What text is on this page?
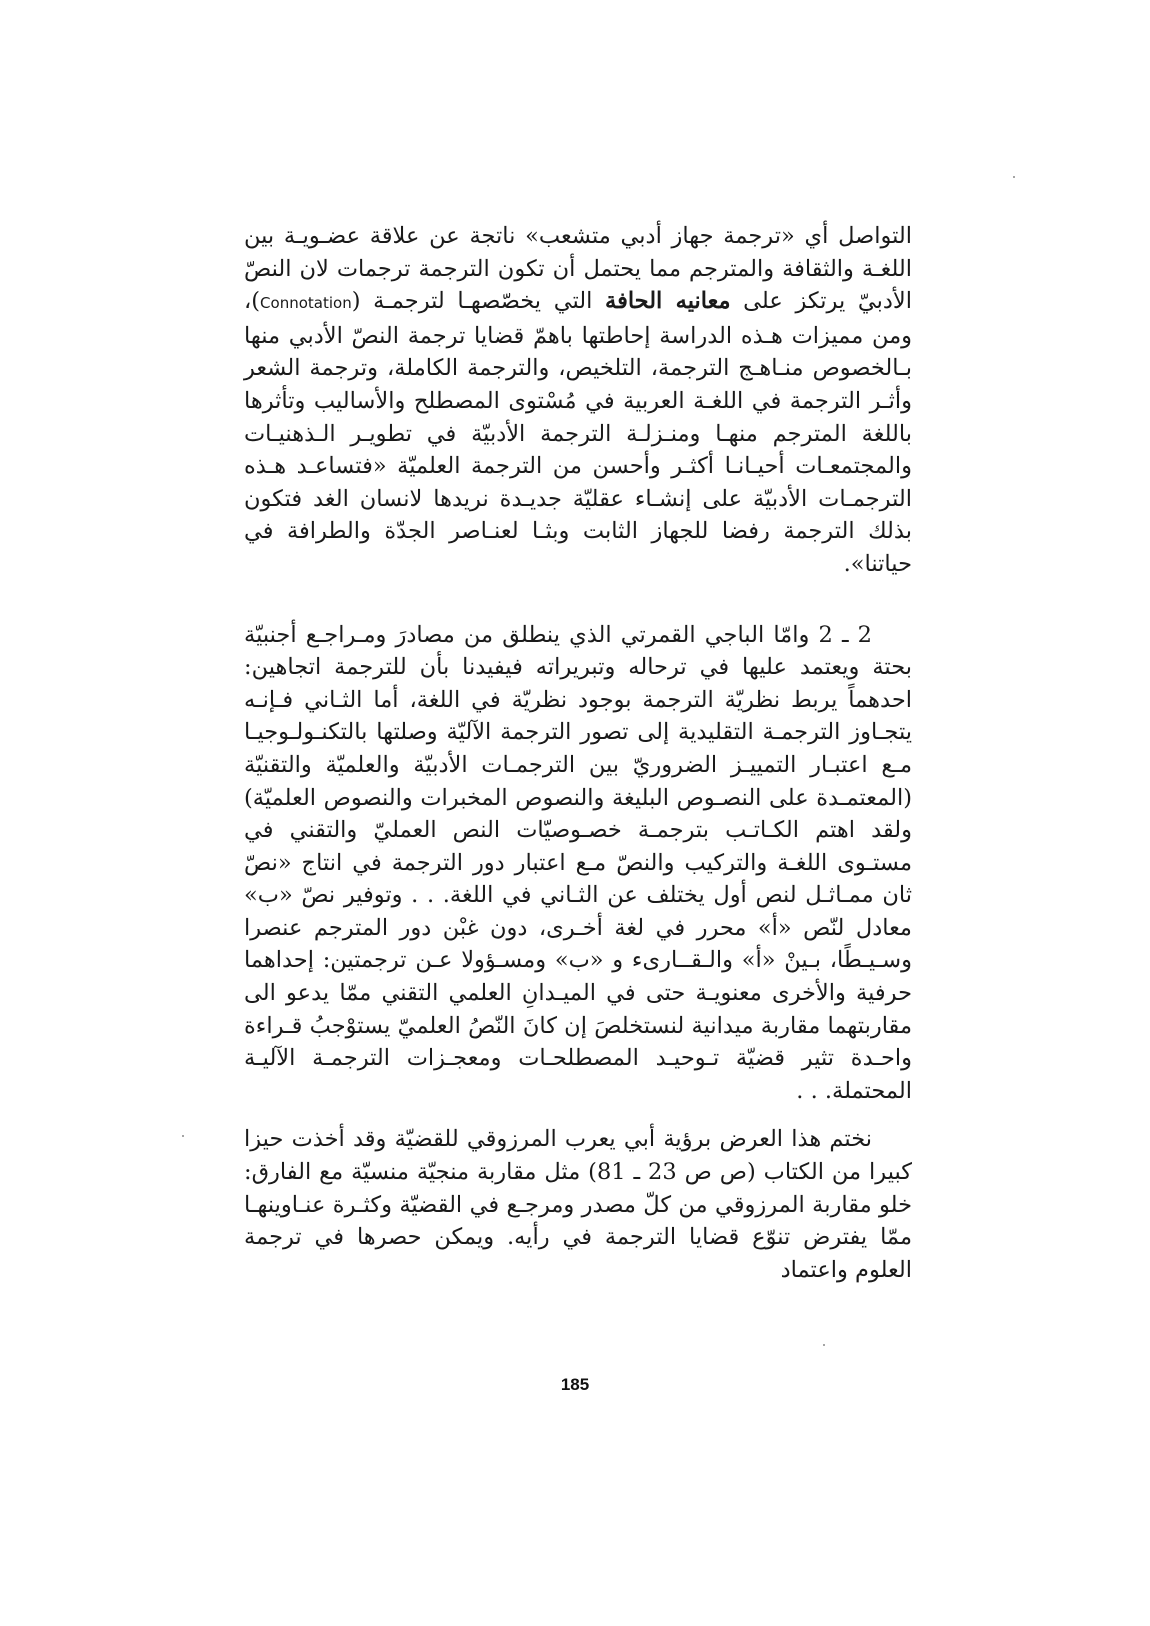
التواصل أي «ترجمة جهاز أدبي متشعب» ناتجة عن علاقة عضـويـة بين اللغـة والثقافة والمترجم مما يحتمل أن تكون الترجمة ترجمات لان النصّ الأدبيّ يرتكز على معانيه الحافة التي يخصّصهـا لترجمـة (Connotation)، ومن مميزات هـذه الدراسة إحاطتها باهمّ قضايا ترجمة النصّ الأدبي منها بـالخصوص منـاهـج الترجمة، التلخيص، والترجمة الكاملة، وترجمة الشعر وأثـر الترجمة في اللغـة العربية في مُسْتوى المصطلح والأساليب وتأثرها باللغة المترجم منهـا ومنـزلـة الترجمة الأدبيّة في تطويـر الـذهنيـات والمجتمعـات أحيـانـا أكثـر وأحسن من الترجمة العلميّة «فتساعـد هـذه الترجمـات الأدبيّة على إنشـاء عقليّة جديـدة نريدها لانسان الغد فتكون بذلك الترجمة رفضا للجهاز الثابت وبثـا لعنـاصر الجدّة والطرافة في حياتنا».

2 ـ 2 وامّا الباجي القمرتي الذي ينطلق من مصادرَ ومـراجـع أجنبيّة بحتة ويعتمد عليها في ترحاله وتبريراته فيفيدنا بأن للترجمة اتجاهين: احدهماً يربط نظريّة الترجمة بوجود نظريّة في اللغة، أما الثـاني فـإنـه يتجـاوز الترجمـة التقليدية إلى تصور الترجمة الآليّة وصلتها بالتكنـولـوجيـا مـع اعتبـار التمييـز الضروريّ بين الترجمـات الأدبيّة والعلميّة والتقنيّة (المعتمـدة على النصـوص البليغة والنصوص المخبرات والنصوص العلميّة) ولقد اهتم الكـاتـب بترجمـة خصـوصيّات النص العمليّ والتقني في مستـوى اللغـة والتركيب والنصّ مـع اعتبار دور الترجمة في انتاج «نصّ ثان ممـاثـل لنص أول يختلف عن الثـاني في اللغة. . . وتوفير نصّ «ب» معادل لنّص «أ» محرر في لغة أخـرى، دون غبْن دور المترجم عنصرا وسـيـطًا، بـينْ «أ» والـقــارىء و «ب» ومسـؤولا عـن ترجمتين: إحداهما حرفية والأخرى معنويـة حتى في الميـدانِ العلمي التقني ممّا يدعو الى مقاربتهما مقاربة ميدانية لنستخلصَ إن كانَ النّصُ العلميّ يستوْجبُ قـراءة واحـدة تثير قضيّة تـوحيـد المصطلحـات ومعجـزات الترجمـة الآليـة المحتملة. . .

نختم هذا العرض برؤية أبي يعرب المرزوقي للقضيّة وقد أخذت حيزا كبيرا من الكتاب (ص ص 23 ـ 81) مثل مقاربة منجيّة منسيّة مع الفارق: خلو مقاربة المرزوقي من كلّ مصدر ومرجـع في القضيّة وكثـرة عنـاوينهـا ممّا يفترض تنوّع قضايا الترجمة في رأيه. ويمكن حصرها في ترجمة العلوم واعتماد

185
